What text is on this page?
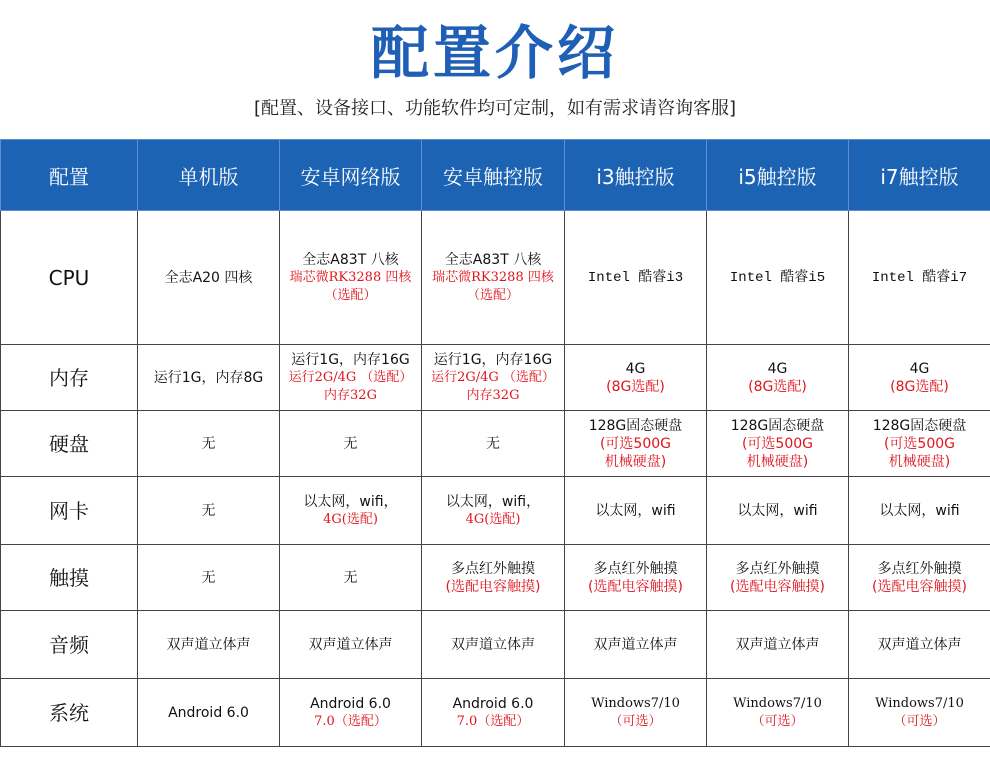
配置介绍
[配置、设备接口、功能软件均可定制，如有需求请咨询客服]
配置	单机版	安卓网络版	安卓触控版	i3触控版	i5触控版	i7触控版
CPU	全志A20 四核	全志A83T 八核
瑞芯微RK3288 四核
（选配）	全志A83T 八核
瑞芯微RK3288 四核
（选配）	Intel 酷睿i3	Intel 酷睿i5	Intel 酷睿i7

内存	运行1G，内存8G	运行1G，内存16G
运行2G/4G （选配）
内存32G	运行1G，内存16G
运行2G/4G （选配）
内存32G	4G
(8G选配)	4G
(8G选配)	4G
(8G选配)

硬盘	无	无	无	128G固态硬盘
(可选500G
机械硬盘)	128G固态硬盘
(可选500G
机械硬盘)	128G固态硬盘
(可选500G
机械硬盘)

网卡	无	以太网，wifi，
4G(选配)	以太网，wifi，
4G(选配)	以太网，wifi	以太网，wifi	以太网，wifi

触摸	无	无	多点红外触摸
(选配电容触摸)	多点红外触摸
(选配电容触摸)	多点红外触摸
(选配电容触摸)	多点红外触摸
(选配电容触摸)

音频	双声道立体声	双声道立体声	双声道立体声	双声道立体声	双声道立体声	双声道立体声

系统	Android 6.0	Android 6.0
7.0（选配）	Android 6.0
7.0（选配）	Windows7/10
（可选）	Windows7/10
（可选）	Windows7/10
（可选）
